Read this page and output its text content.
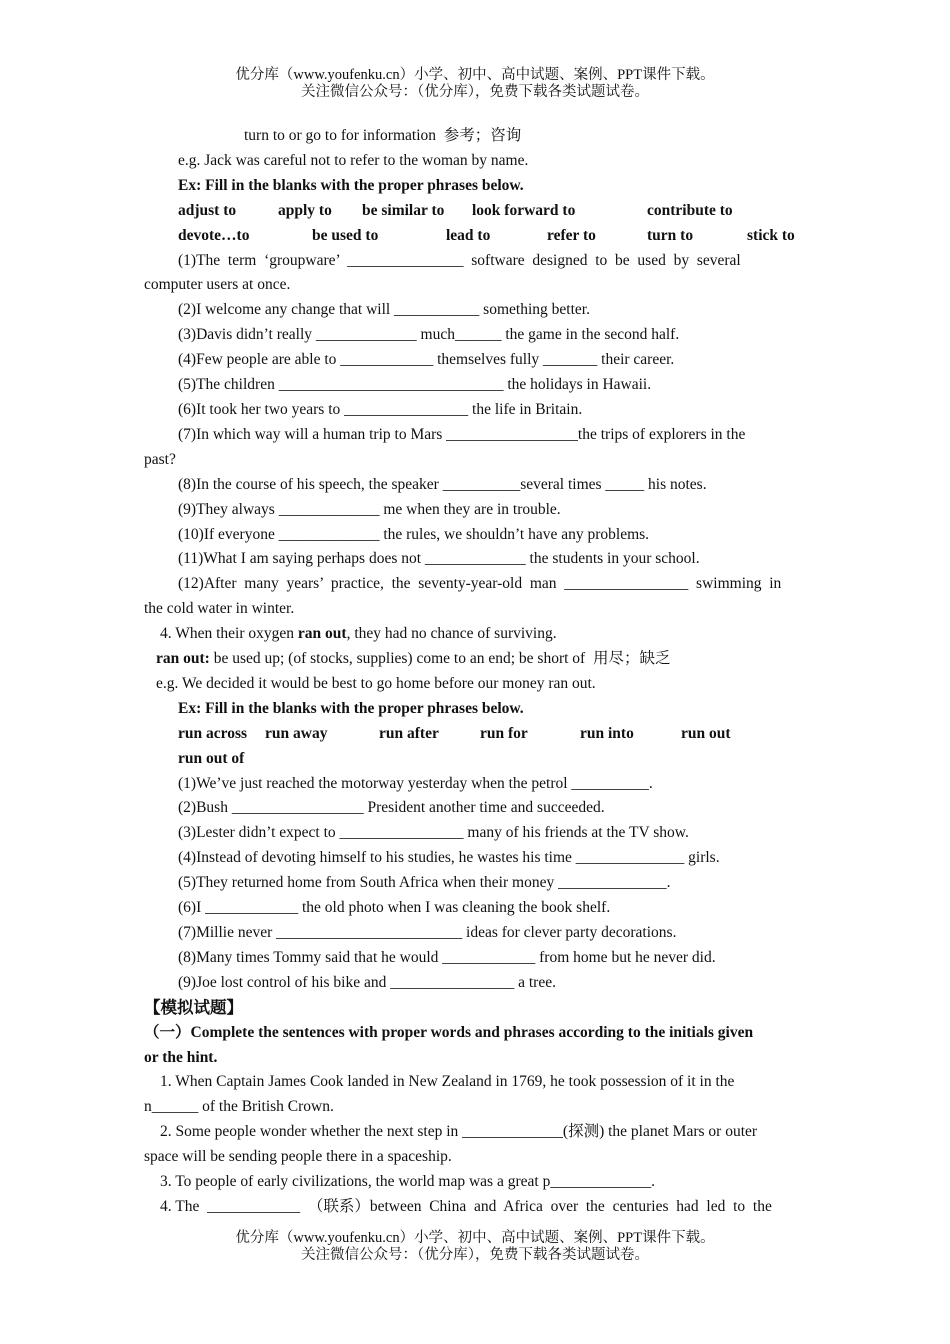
优分库（www.youfenku.cn）小学、初中、高中试题、案例、PPT课件下载。
关注微信公众号：（优分库），免费下载各类试题试卷。
turn to or go to for information  参考；咨询
e.g. Jack was careful not to refer to the woman by name.
Ex: Fill in the blanks with the proper phrases below.
adjust to	apply to	be similar to	look forward to	contribute to
devote…to	be used to	lead to	refer to	turn to	stick to
(1)The  term  ‘groupware’  _______________  software  designed  to  be  used  by  several
computer users at once.
(2)I welcome any change that will ___________ something better.
(3)Davis didn’t really _____________ much______ the game in the second half.
(4)Few people are able to ____________ themselves fully _______ their career.
(5)The children _____________________________ the holidays in Hawaii.
(6)It took her two years to ________________ the life in Britain.
(7)In which way will a human trip to Mars _________________the trips of explorers in the
past?
(8)In the course of his speech, the speaker __________several times _____ his notes.
(9)They always _____________ me when they are in trouble.
(10)If everyone _____________ the rules, we shouldn’t have any problems.
(11)What I am saying perhaps does not _____________ the students in your school.
(12)After  many  years’  practice,  the  seventy-year-old  man  ________________  swimming  in
the cold water in winter.
4. When their oxygen ran out, they had no chance of surviving.
ran out: be used up; (of stocks, supplies) come to an end; be short of  用尽；缺乏
e.g. We decided it would be best to go home before our money ran out.
Ex: Fill in the blanks with the proper phrases below.
run across	run away	run after	run for	run into	run out
run out of
(1)We’ve just reached the motorway yesterday when the petrol __________.
(2)Bush _________________ President another time and succeeded.
(3)Lester didn’t expect to ________________ many of his friends at the TV show.
(4)Instead of devoting himself to his studies, he wastes his time ______________ girls.
(5)They returned home from South Africa when their money ______________.
(6)I ____________ the old photo when I was cleaning the book shelf.
(7)Millie never ________________________ ideas for clever party decorations.
(8)Many times Tommy said that he would ____________ from home but he never did.
(9)Joe lost control of his bike and ________________ a tree.
【模拟试题】
（一）Complete the sentences with proper words and phrases according to the initials given
or the hint.
1. When Captain James Cook landed in New Zealand in 1769, he took possession of it in the
n______ of the British Crown.
2. Some people wonder whether the next step in _____________(探测) the planet Mars or outer
space will be sending people there in a spaceship.
3. To people of early civilizations, the world map was a great p_____________.
4. The  ____________  （联系）between  China  and  Africa  over  the  centuries  had  led  to  the
优分库（www.youfenku.cn）小学、初中、高中试题、案例、PPT课件下载。
关注微信公众号：（优分库），免费下载各类试题试卷。
